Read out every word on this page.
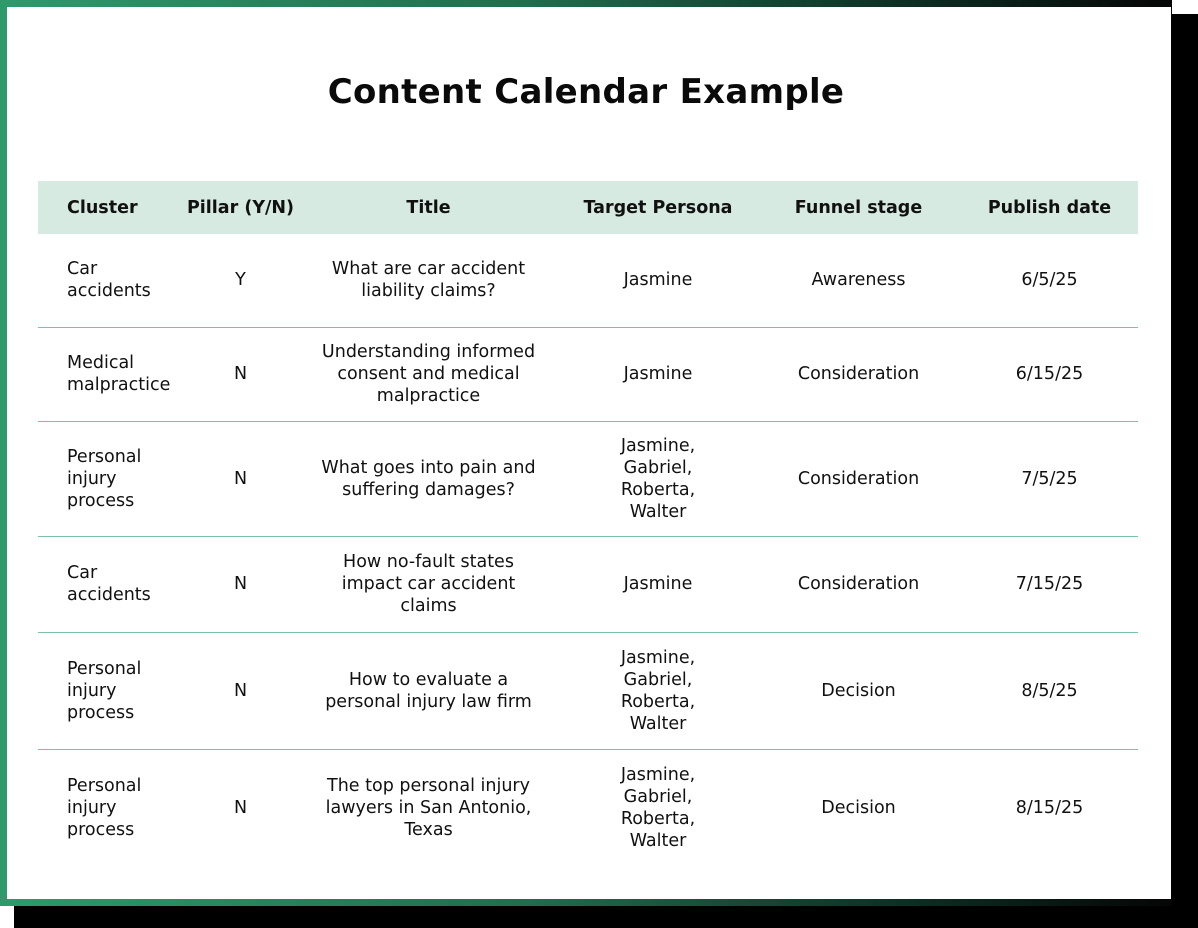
Content Calendar Example
Cluster	Pillar (Y/N)	Title	Target Persona	Funnel stage	Publish date
Car accidents	Y	What are car accident liability claims?	Jasmine	Awareness	6/5/25
Medical malpractice	N	Understanding informed consent and medical malpractice	Jasmine	Consideration	6/15/25
Personal injury process	N	What goes into pain and suffering damages?	Jasmine, Gabriel, Roberta, Walter	Consideration	7/5/25
Car accidents	N	How no-fault states impact car accident claims	Jasmine	Consideration	7/15/25
Personal injury process	N	How to evaluate a personal injury law firm	Jasmine, Gabriel, Roberta, Walter	Decision	8/5/25
Personal injury process	N	The top personal injury lawyers in San Antonio, Texas	Jasmine, Gabriel, Roberta, Walter	Decision	8/15/25
